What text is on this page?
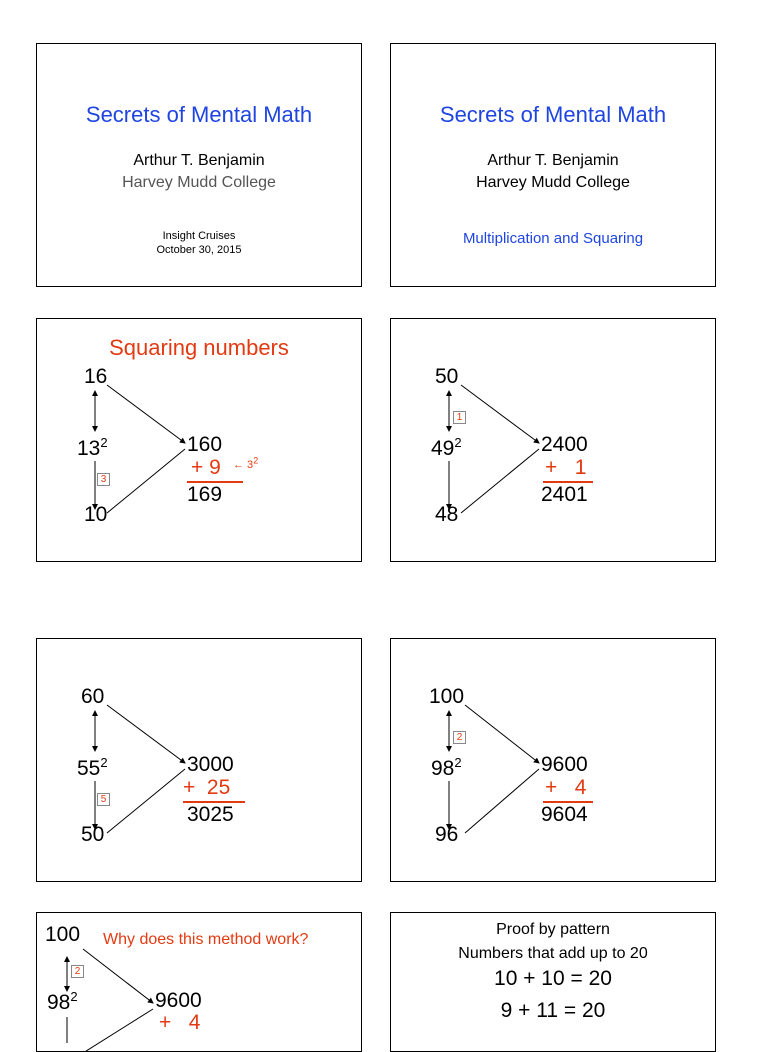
Secrets of Mental Math
Arthur T. Benjamin
Harvey Mudd College
Insight Cruises
October 30, 2015
Secrets of Mental Math
Arthur T. Benjamin
Harvey Mudd College
Multiplication and Squaring
Squaring numbers
16
$13^2$
3
10
160
+ 9
169
← $3^2$
50
1
$49^2$
48
2400
+   1
2401
60
$55^2$
5
50
3000
+  25
3025
100
2
$98^2$
96
9600
+   4
9604
100 Why does this method work?
2
$98^2$	9600
+   4
Proof by pattern
Numbers that add up to 20
10 + 10 = 20
9 + 11 = 20
